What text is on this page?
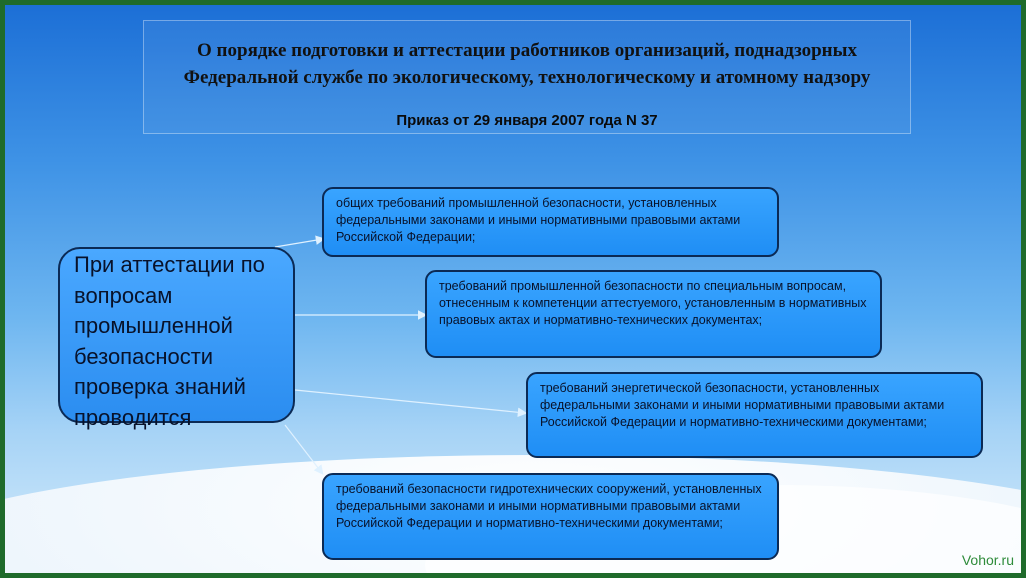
О порядке подготовки и аттестации работников организаций, поднадзорных Федеральной службе по экологическому, технологическому и атомному надзору
Приказ от 29 января 2007 года N 37
При аттестации по вопросам промышленной безопасности проверка знаний проводится
общих требований промышленной безопасности, установленных федеральными законами и иными нормативными правовыми актами Российской Федерации;
требований промышленной безопасности по специальным вопросам, отнесенным к компетенции аттестуемого, установленным в нормативных правовых актах и нормативно-технических документах;
требований энергетической безопасности, установленных федеральными законами и иными нормативными правовыми актами Российской Федерации и нормативно-техническими документами;
требований безопасности гидротехнических сооружений, установленных федеральными законами и иными нормативными правовыми актами Российской Федерации и нормативно-техническими документами;
Vohor.ru
